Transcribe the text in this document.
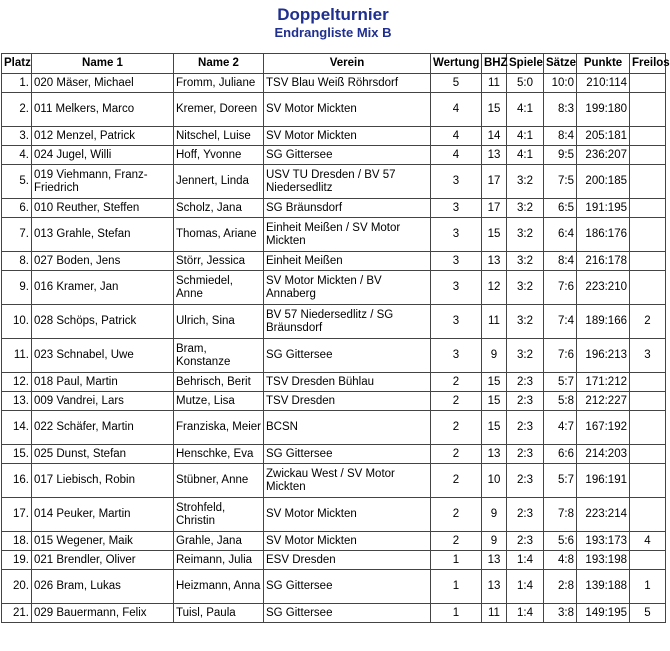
Doppelturnier
Endrangliste Mix B
Platz	Name 1	Name 2	Verein	Wertung	BHZ	Spiele	Sätze	Punkte	Freilos
1.	020 Mäser, Michael	Fromm, Juliane	TSV Blau Weiß Röhrsdorf	5	11	5:0	10:0	210:114	
2.	011 Melkers, Marco	Kremer, Doreen	SV Motor Mickten	4	15	4:1	8:3	199:180	
3.	012 Menzel, Patrick	Nitschel, Luise	SV Motor Mickten	4	14	4:1	8:4	205:181	
4.	024 Jugel, Willi	Hoff, Yvonne	SG Gittersee	4	13	4:1	9:5	236:207	
5.	019 Viehmann, Franz-Friedrich	Jennert, Linda	USV TU Dresden / BV 57 Niedersedlitz	3	17	3:2	7:5	200:185	
6.	010 Reuther, Steffen	Scholz, Jana	SG Bräunsdorf	3	17	3:2	6:5	191:195	
7.	013 Grahle, Stefan	Thomas, Ariane	Einheit Meißen / SV Motor Mickten	3	15	3:2	6:4	186:176	
8.	027 Boden, Jens	Störr, Jessica	Einheit Meißen	3	13	3:2	8:4	216:178	
9.	016 Kramer, Jan	Schmiedel, Anne	SV Motor Mickten / BV Annaberg	3	12	3:2	7:6	223:210	
10.	028 Schöps, Patrick	Ulrich, Sina	BV 57 Niedersedlitz / SG Bräunsdorf	3	11	3:2	7:4	189:166	2
11.	023 Schnabel, Uwe	Bram, Konstanze	SG Gittersee	3	9	3:2	7:6	196:213	3
12.	018 Paul, Martin	Behrisch, Berit	TSV Dresden Bühlau	2	15	2:3	5:7	171:212	
13.	009 Vandrei, Lars	Mutze, Lisa	TSV Dresden	2	15	2:3	5:8	212:227	
14.	022 Schäfer, Martin	Franziska, Meier	BCSN	2	15	2:3	4:7	167:192	
15.	025 Dunst, Stefan	Henschke, Eva	SG Gittersee	2	13	2:3	6:6	214:203	
16.	017 Liebisch, Robin	Stübner, Anne	Zwickau West / SV Motor Mickten	2	10	2:3	5:7	196:191	
17.	014 Peuker, Martin	Strohfeld, Christin	SV Motor Mickten	2	9	2:3	7:8	223:214	
18.	015 Wegener, Maik	Grahle, Jana	SV Motor Mickten	2	9	2:3	5:6	193:173	4
19.	021 Brendler, Oliver	Reimann, Julia	ESV Dresden	1	13	1:4	4:8	193:198	
20.	026 Bram, Lukas	Heizmann, Anna	SG Gittersee	1	13	1:4	2:8	139:188	1
21.	029 Bauermann, Felix	Tuisl, Paula	SG Gittersee	1	11	1:4	3:8	149:195	5
